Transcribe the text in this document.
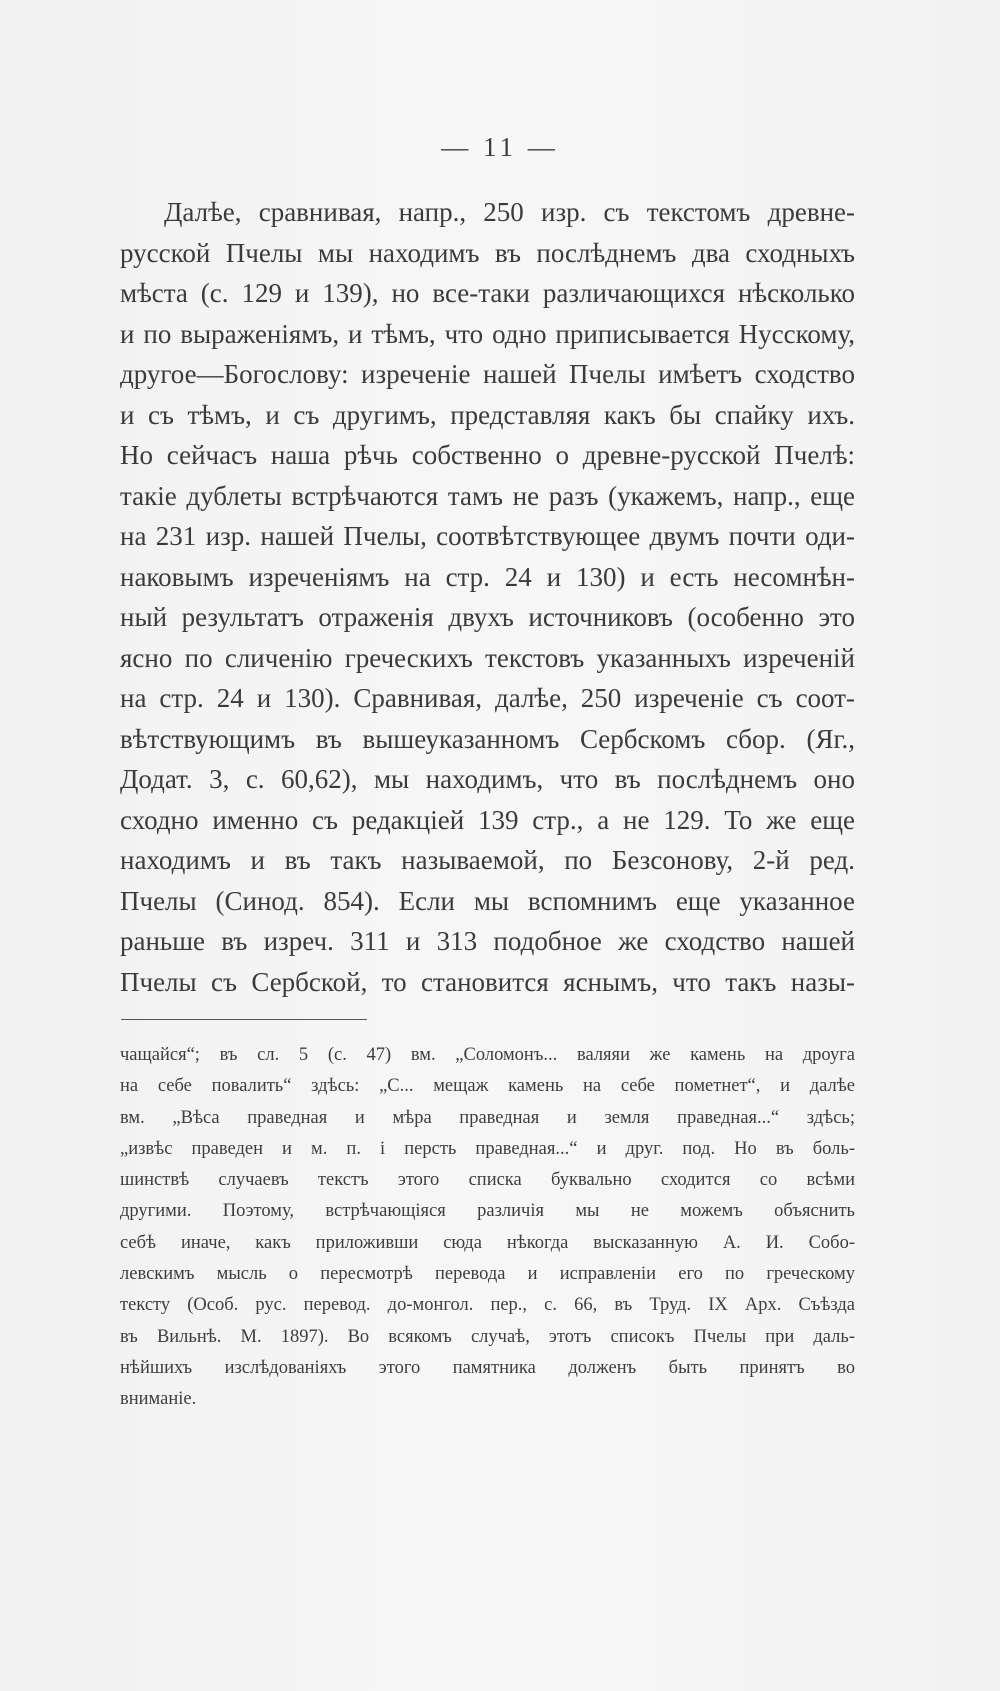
— 11 —
Далѣе, сравнивая, напр., 250 изр. съ текстомъ древне-
русской Пчелы мы находимъ въ послѣднемъ два сходныхъ
мѣста (с. 129 и 139), но все-таки различающихся нѣсколько
и по выраженiямъ, и тѣмъ, что одно приписывается Нусскому,
другое—Богослову: изреченiе нашей Пчелы имѣетъ сходство
и съ тѣмъ, и съ другимъ, представляя какъ бы спайку ихъ.
Но сейчасъ наша рѣчь собственно о древне-русской Пчелѣ:
такiе дублеты встрѣчаются тамъ не разъ (укажемъ, напр., еще
на 231 изр. нашей Пчелы, соотвѣтствующее двумъ почти оди-
наковымъ изреченiямъ на стр. 24 и 130) и есть несомнѣн-
ный результатъ отраженiя двухъ источниковъ (особенно это
ясно по сличенiю греческихъ текстовъ указанныхъ изреченiй
на стр. 24 и 130). Сравнивая, далѣе, 250 изреченiе съ соот-
вѣтствующимъ въ вышеуказанномъ Сербскомъ сбор. (Яг.,
Додат. 3, с. 60,62), мы находимъ, что въ послѣднемъ оно
сходно именно съ редакцiей 139 стр., а не 129. То же еще
находимъ и въ такъ называемой, по Безсонову, 2-й ред.
Пчелы (Синод. 854). Если мы вспомнимъ еще указанное
раньше въ изреч. 311 и 313 подобное же сходство нашей
Пчелы съ Сербской, то становится яснымъ, что такъ назы-
чащайся“; въ сл. 5 (с. 47) вм. „Соломонъ... валяяи же камень на дроуга
на себе повалить“ здѣсь: „С... мещаж камень на себе пометнет“, и далѣе
вм. „Вѣса праведная и мѣра праведная и земля праведная...“ здѣсь;
„извѣс праведен и м. п. i персть праведная...“ и друг. под. Но въ боль-
шинствѣ случаевъ текстъ этого списка буквально сходится со всѣми
другими. Поэтому, встрѣчающiяся различiя мы не можемъ объяснить
себѣ иначе, какъ приложивши сюда нѣкогда высказанную А. И. Собо-
левскимъ мысль о пересмотрѣ перевода и исправленiи его по греческому
тексту (Особ. рус. перевод. до-монгол. пер., с. 66, въ Труд. IX Арх. Съѣзда
въ Вильнѣ. М. 1897). Во всякомъ случаѣ, этотъ списокъ Пчелы при даль-
нѣйшихъ изслѣдованiяхъ этого памятника долженъ быть принятъ во
вниманiе.
